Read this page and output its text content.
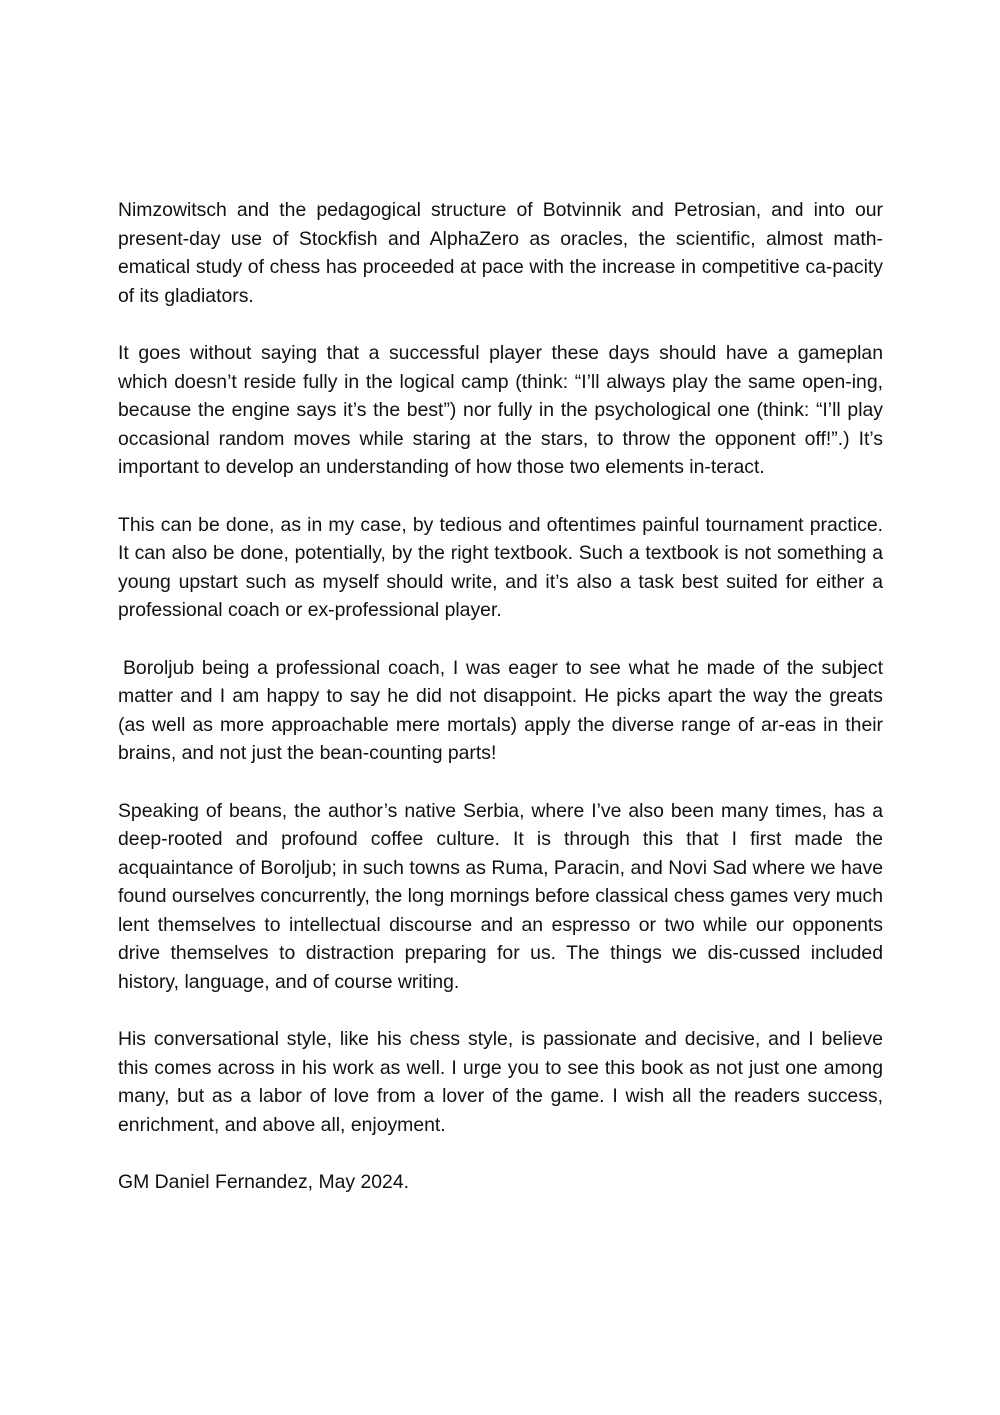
Nimzowitsch and the pedagogical structure of Botvinnik and Petrosian, and into our present-day use of Stockfish and AlphaZero as oracles, the scientific, almost math-ematical study of chess has proceeded at pace with the increase in competitive ca-pacity of its gladiators.

It goes without saying that a successful player these days should have a gameplan which doesn’t reside fully in the logical camp (think: “I’ll always play the same open-ing, because the engine says it’s the best”) nor fully in the psychological one (think: “I’ll play occasional random moves while staring at the stars, to throw the opponent off!”.) It’s important to develop an understanding of how those two elements in-teract.

This can be done, as in my case, by tedious and oftentimes painful tournament practice. It can also be done, potentially, by the right textbook. Such a textbook is not something a young upstart such as myself should write, and it’s also a task best suited for either a professional coach or ex-professional player.

Boroljub being a professional coach, I was eager to see what he made of the subject matter and I am happy to say he did not disappoint. He picks apart the way the greats (as well as more approachable mere mortals) apply the diverse range of ar-eas in their brains, and not just the bean-counting parts!

Speaking of beans, the author’s native Serbia, where I’ve also been many times, has a deep-rooted and profound coffee culture. It is through this that I first made the acquaintance of Boroljub; in such towns as Ruma, Paracin, and Novi Sad where we have found ourselves concurrently, the long mornings before classical chess games very much lent themselves to intellectual discourse and an espresso or two while our opponents drive themselves to distraction preparing for us. The things we dis-cussed included history, language, and of course writing.

His conversational style, like his chess style, is passionate and decisive, and I believe this comes across in his work as well. I urge you to see this book as not just one among many, but as a labor of love from a lover of the game. I wish all the readers success, enrichment, and above all, enjoyment.

GM Daniel Fernandez, May 2024.
